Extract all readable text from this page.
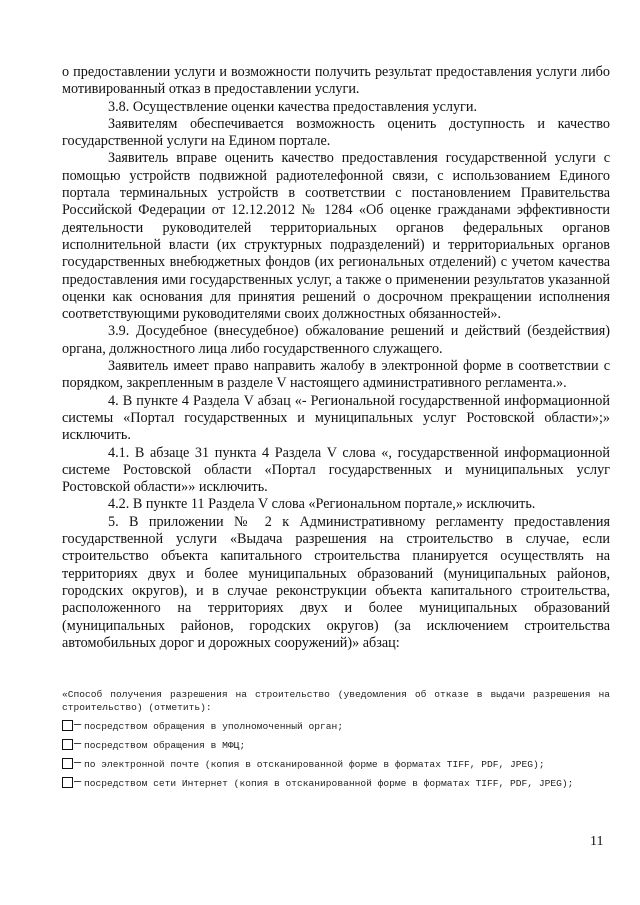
о предоставлении услуги и возможности получить результат предоставления услуги либо мотивированный отказ в предоставлении услуги.

3.8. Осуществление оценки качества предоставления услуги.

Заявителям обеспечивается возможность оценить доступность и качество государственной услуги на Едином портале.

Заявитель вправе оценить качество предоставления государственной услуги с помощью устройств подвижной радиотелефонной связи, с использованием Единого портала терминальных устройств в соответствии с постановлением Правительства Российской Федерации от 12.12.2012 № 1284 «Об оценке гражданами эффективности деятельности руководителей территориальных органов федеральных органов исполнительной власти (их структурных подразделений) и территориальных органов государственных внебюджетных фондов (их региональных отделений) с учетом качества предоставления ими государственных услуг, а также о применении результатов указанной оценки как основания для принятия решений о досрочном прекращении исполнения соответствующими руководителями своих должностных обязанностей».

3.9. Досудебное (внесудебное) обжалование решений и действий (бездействия) органа, должностного лица либо государственного служащего.

Заявитель имеет право направить жалобу в электронной форме в соответствии с порядком, закрепленным в разделе V настоящего административного регламента.».

4. В пункте 4 Раздела V абзац «- Региональной государственной информационной системы «Портал государственных и муниципальных услуг Ростовской области»;» исключить.

4.1. В абзаце 31 пункта 4 Раздела V слова «, государственной информационной системе Ростовской области «Портал государственных и муниципальных услуг Ростовской области»» исключить.

4.2. В пункте 11 Раздела V слова «Региональном портале,» исключить.

5. В приложении № 2 к Административному регламенту предоставления государственной услуги «Выдача разрешения на строительство в случае, если строительство объекта капитального строительства планируется осуществлять на территориях двух и более муниципальных образований (муниципальных районов, городских округов), и в случае реконструкции объекта капитального строительства, расположенного на территориях двух и более муниципальных образований (муниципальных районов, городских округов) (за исключением строительства автомобильных дорог и дорожных сооружений)» абзац:

«Способ получения разрешения на строительство (уведомления об отказе в выдачи разрешения на строительство) (отметить):

– посредством обращения в уполномоченный орган;

– посредством обращения в МФЦ;

– по электронной почте (копия в отсканированной форме в форматах TIFF, PDF, JPEG);

– посредством сети Интернет (копия в отсканированной форме в форматах TIFF, PDF, JPEG);

11
